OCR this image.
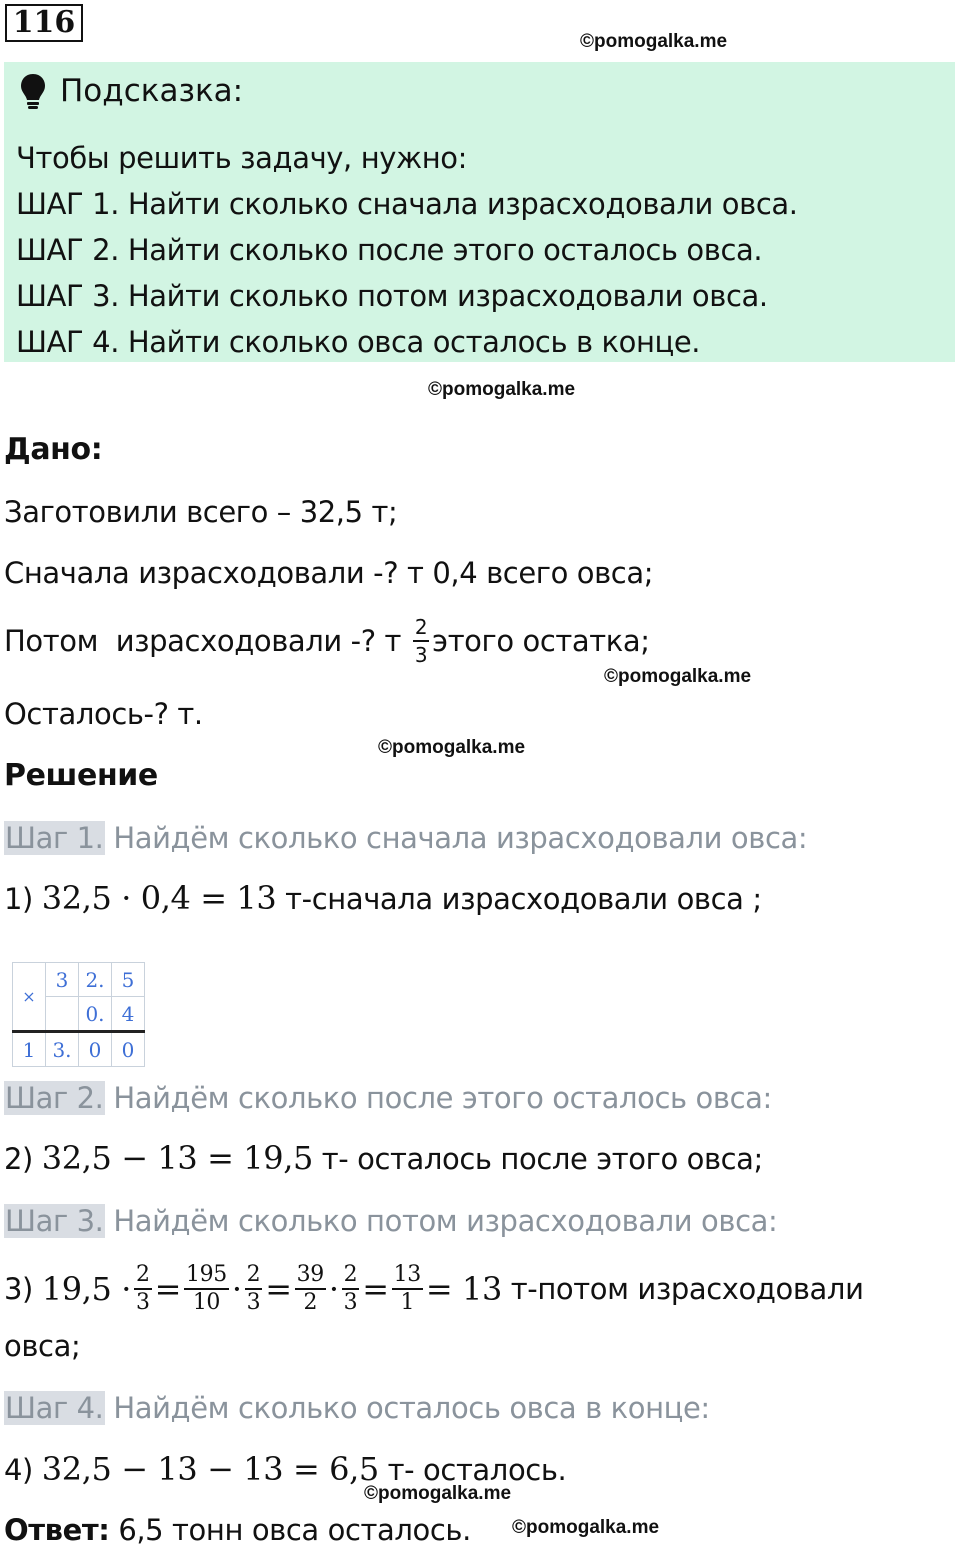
116
©pomogalka.me
Подсказка:
Чтобы решить задачу, нужно:
ШАГ 1. Найти сколько сначала израсходовали овса.
ШАГ 2. Найти сколько после этого осталось овса.
ШАГ 3. Найти сколько потом израсходовали овса.
ШАГ 4. Найти сколько овса осталось в конце.
©pomogalka.me
Дано:
Заготовили всего – 32,5 т;
Сначала израсходовали -? т 0,4 всего овса;
Потом  израсходовали -? т $\frac{2}{3}$ этого остатка;
©pomogalka.me
Осталось-? т.
©pomogalka.me
Решение
Шаг 1. Найдём сколько сначала израсходовали овса:
1) 32,5 · 0,4 = 13 т-сначала израсходовали овса ;
×	3	2.	5
		0.	4
1	3.	0	0
Шаг 2. Найдём сколько после этого осталось овса:
2) 32,5 − 13 = 19,5 т- осталось после этого овса;
Шаг 3. Найдём сколько потом израсходовали овса:
3) $19,5 \cdot \frac{2}{3} = \frac{195}{10} \cdot \frac{2}{3} = \frac{39}{2} \cdot \frac{2}{3} = \frac{13}{1} = 13$ т-потом израсходовали
овса;
Шаг 4. Найдём сколько осталось овса в конце:
4) 32,5 − 13 − 13 = 6,5 т- осталось.
©pomogalka.me
Ответ: 6,5 тонн овса осталось. ©pomogalka.me
